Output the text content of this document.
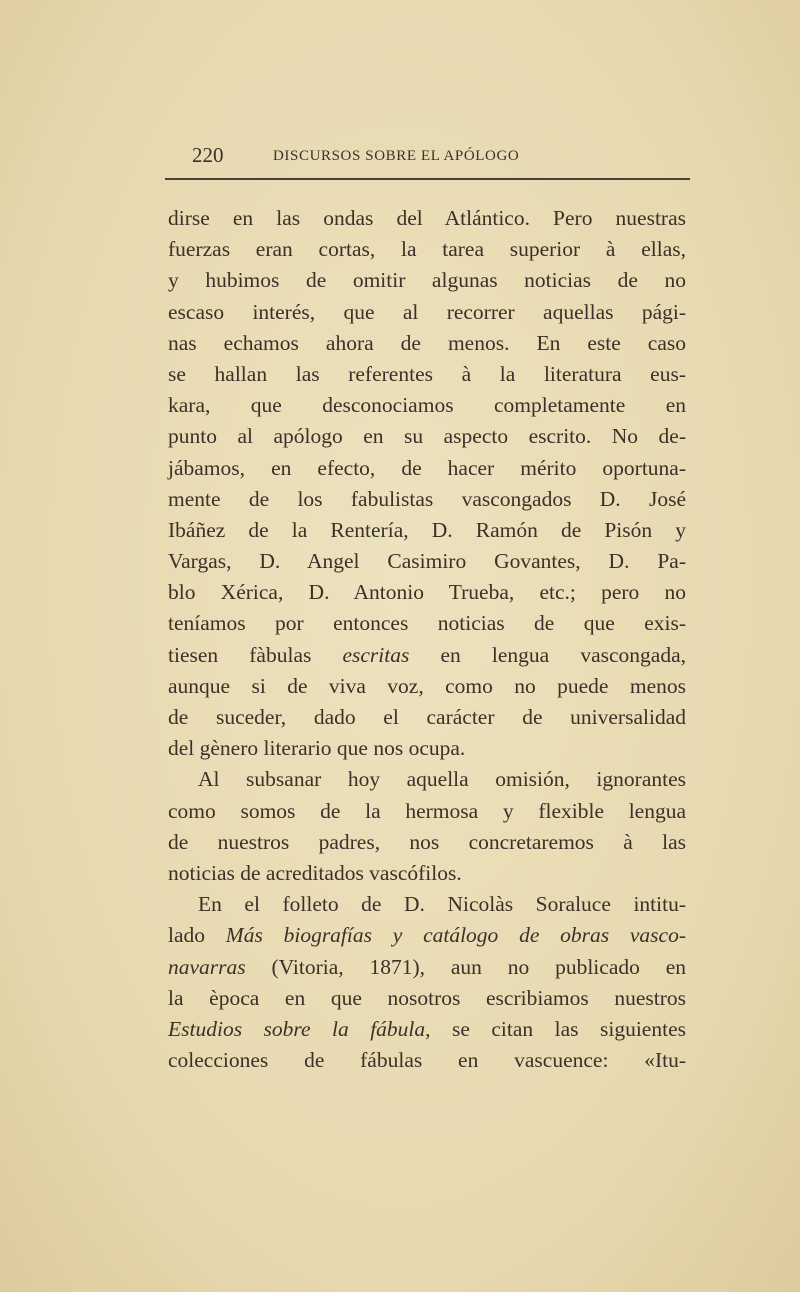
220	DISCURSOS SOBRE EL APÓLOGO
dirse en las ondas del Atlántico. Pero nuestras
fuerzas eran cortas, la tarea superior à ellas,
y hubimos de omitir algunas noticias de no
escaso interés, que al recorrer aquellas pági-
nas echamos ahora de menos. En este caso
se hallan las referentes à la literatura eus-
kara, que desconociamos completamente en
punto al apólogo en su aspecto escrito. No de-
jábamos, en efecto, de hacer mérito oportuna-
mente de los fabulistas vascongados D. José
Ibáñez de la Rentería, D. Ramón de Pisón y
Vargas, D. Angel Casimiro Govantes, D. Pa-
blo Xérica, D. Antonio Trueba, etc.; pero no
teníamos por entonces noticias de que exis-
tiesen fàbulas escritas en lengua vascongada,
aunque si de viva voz, como no puede menos
de suceder, dado el carácter de universalidad
del gènero literario que nos ocupa.
Al subsanar hoy aquella omisión, ignorantes
como somos de la hermosa y flexible lengua
de nuestros padres, nos concretaremos à las
noticias de acreditados vascófilos.
En el folleto de D. Nicolàs Soraluce intitu-
lado Más biografías y catálogo de obras vasco-
navarras (Vitoria, 1871), aun no publicado en
la època en que nosotros escribiamos nuestros
Estudios sobre la fábula, se citan las siguientes
colecciones de fábulas en vascuence: «Itu-
